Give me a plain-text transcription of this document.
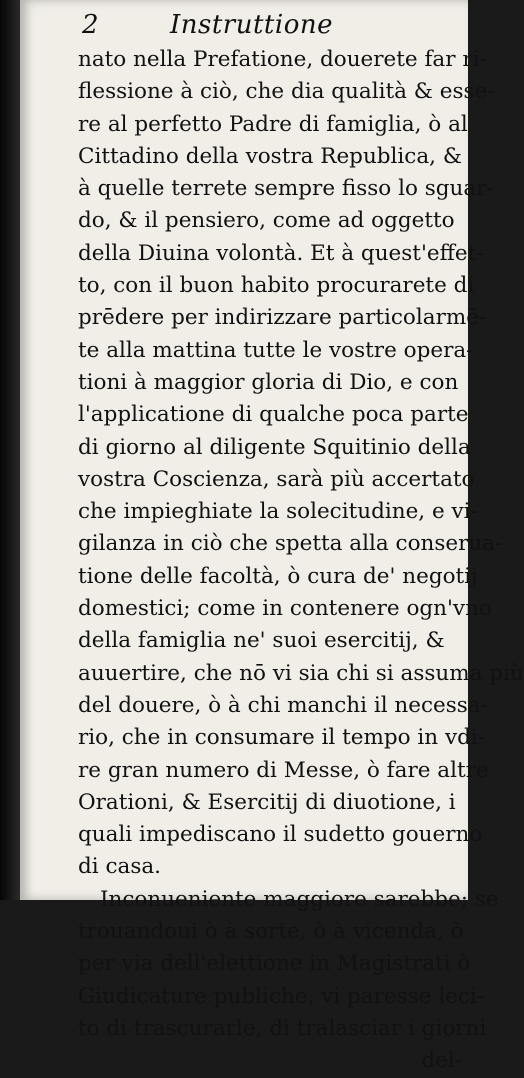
2	Instruttione
nato nella Prefatione, douerete far ri-
flessione à ciò, che dia qualità & esse-
re al perfetto Padre di famiglia, ò al
Cittadino della vostra Republica, &
à quelle terrete sempre fisso lo sguar-
do, & il pensiero, come ad oggetto
della Diuina volontà. Et à quest'effet-
to, con il buon habito procurarete di
prēdere per indirizzare particolarmē-
te alla mattina tutte le vostre opera-
tioni à maggior gloria di Dio, e con
l'applicatione di qualche poca parte
di giorno al diligente Squitinio della
vostra Coscienza, sarà più accertato
che impieghiate la solecitudine, e vi-
gilanza in ciò che spetta alla conserua-
tione delle facoltà, ò cura de' negotij
domestici; come in contenere ogn'vno
della famiglia ne' suoi esercitij, &
auuertire, che nō vi sia chi si assuma più
del douere, ò à chi manchi il necessa-
rio, che in consumare il tempo in vdi-
re gran numero di Messe, ò fare altre
Orationi, & Esercitij di diuotione, i
quali impediscano il sudetto gouerno
di casa.
Inconueniente maggiore sarebbe; se
trouandoui ò à sorte, ò à vicenda, ò
per via dell'elettione in Magistrati ò
Giudicature publiche, vi paresse leci-
to di trascurarle, di tralasciar i giorni
del-
